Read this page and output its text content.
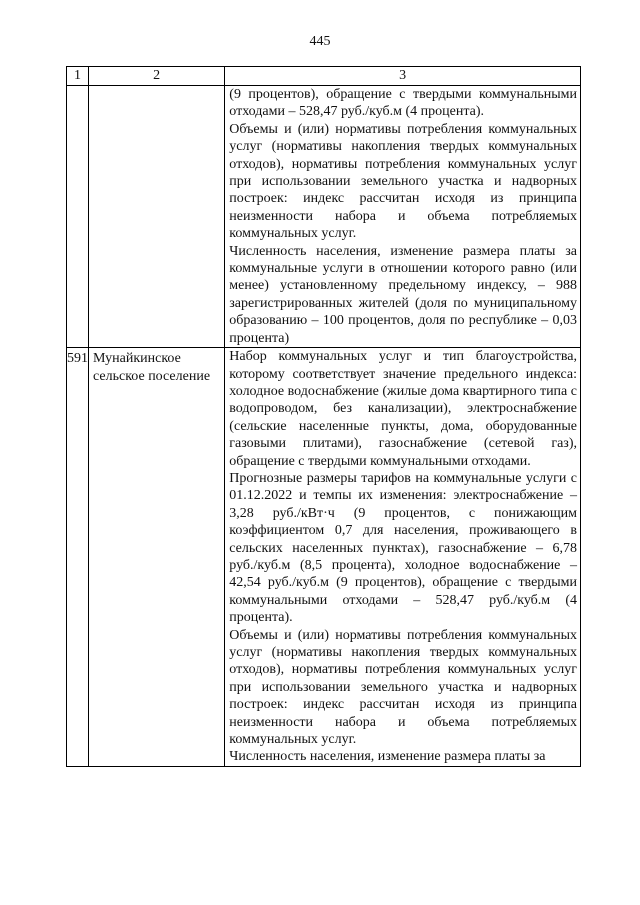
445
1	2	3

		(9 процентов), обращение с твердыми коммунальными отходами – 528,47 руб./куб.м (4 процента).

Объемы и (или) нормативы потребления коммунальных услуг (нормативы накопления твердых коммунальных отходов), нормативы потребления коммунальных услуг при использовании земельного участка и надворных построек: индекс рассчитан исходя из принципа неизменности набора и объема потребляемых коммунальных услуг.

Численность населения, изменение размера платы за коммунальные услуги в отношении которого равно (или менее) установленному предельному индексу, – 988 зарегистрированных жителей (доля по муниципальному образованию – 100 процентов, доля по республике – 0,03 процента)

591	Мунайкинское сельское поселение	Набор коммунальных услуг и тип благоустройства, которому соответствует значение предельного индекса: холодное водоснабжение (жилые дома квартирного типа с водопроводом, без канализации), электроснабжение (сельские населенные пункты, дома, оборудованные газовыми плитами), газоснабжение (сетевой газ), обращение с твердыми коммунальными отходами.

Прогнозные размеры тарифов на коммунальные услуги с 01.12.2022 и темпы их изменения: электроснабжение – 3,28 руб./кВт·ч (9 процентов, с понижающим коэффициентом 0,7 для населения, проживающего в сельских населенных пунктах), газоснабжение – 6,78 руб./куб.м (8,5 процента), холодное водоснабжение – 42,54 руб./куб.м (9 процентов), обращение с твердыми коммунальными отходами – 528,47 руб./куб.м (4 процента).

Объемы и (или) нормативы потребления коммунальных услуг (нормативы накопления твердых коммунальных отходов), нормативы потребления коммунальных услуг при использовании земельного участка и надворных построек: индекс рассчитан исходя из принципа неизменности набора и объема потребляемых коммунальных услуг.

Численность населения, изменение размера платы за
